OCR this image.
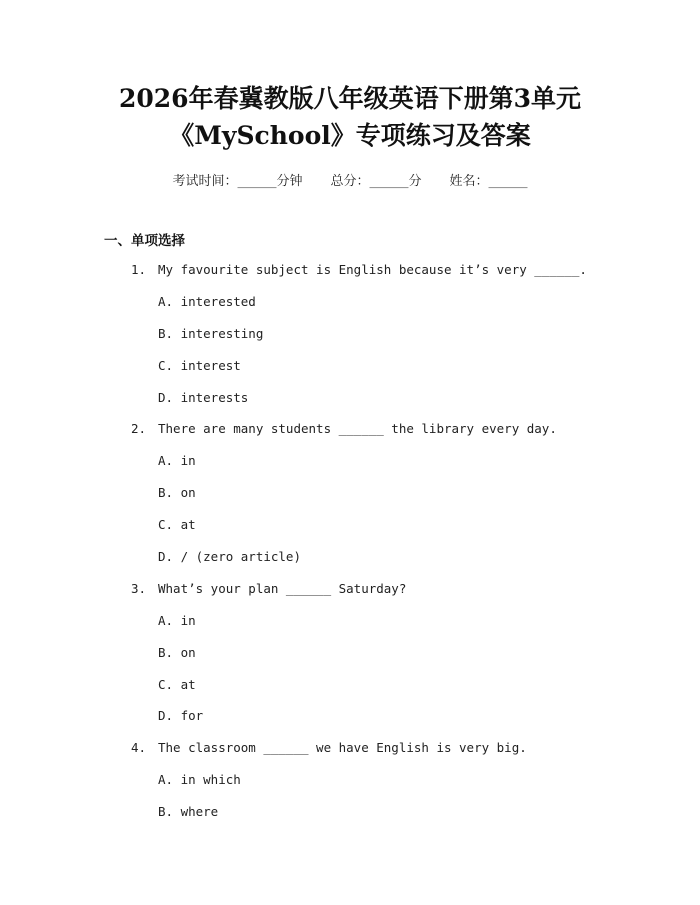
2026年春冀教版八年级英语下册第3单元
《MySchool》专项练习及答案
考试时间：______分钟 总分：______分 姓名：______
一、单项选择
1. My favourite subject is English because it’s very ______.
A. interested
B. interesting
C. interest
D. interests
2. There are many students ______ the library every day.
A. in
B. on
C. at
D. / (zero article)
3. What’s your plan ______ Saturday?
A. in
B. on
C. at
D. for
4. The classroom ______ we have English is very big.
A. in which
B. where
